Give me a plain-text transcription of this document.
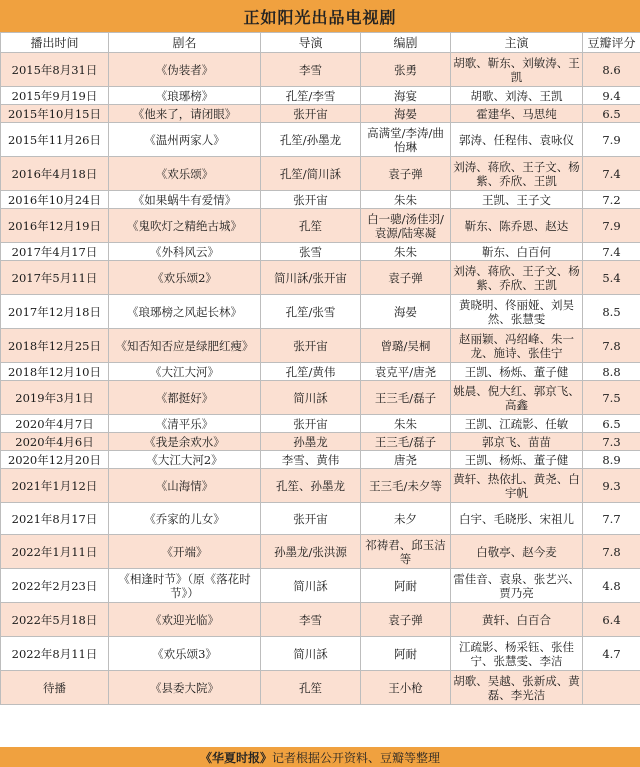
正如阳光出品电视剧
播出时间	剧名	导演	编剧	主演	豆瓣评分
2015年8月31日	《伪装者》	李雪	张勇	胡歌、靳东、刘敏涛、王凯	8.6
2015年9月19日	《琅琊榜》	孔笙/李雪	海宴	胡歌、刘涛、王凯	9.4
2015年10月15日	《他来了，请闭眼》	张开宙	海晏	霍建华、马思纯	6.5
2015年11月26日	《温州两家人》	孔笙/孙墨龙	高满堂/李涛/曲怡琳	郭涛、任程伟、袁咏仪	7.9
2016年4月18日	《欢乐颂》	孔笙/简川訸	袁子弹	刘涛、蒋欣、王子文、杨紫、乔欣、王凯	7.4
2016年10月24日	《如果蜗牛有爱情》	张开宙	朱朱	王凯、王子文	7.2
2016年12月19日	《鬼吹灯之精绝古城》	孔笙	白一骢/汤佳羽/袁源/陆寒凝	靳东、陈乔恩、赵达	7.9
2017年4月17日	《外科风云》	张雪	朱朱	靳东、白百何	7.4
2017年5月11日	《欢乐颂2》	简川訸/张开宙	袁子弹	刘涛、蒋欣、王子文、杨紫、乔欣、王凯	5.4
2017年12月18日	《琅琊榜之风起长林》	孔笙/张雪	海晏	黄晓明、佟丽娅、刘昊然、张慧雯	8.5
2018年12月25日	《知否知否应是绿肥红瘦》	张开宙	曾璐/吴桐	赵丽颖、冯绍峰、朱一龙、施诗、张佳宁	7.8
2018年12月10日	《大江大河》	孔笙/黄伟	袁克平/唐尧	王凯、杨烁、董子健	8.8
2019年3月1日	《都挺好》	简川訸	王三毛/磊子	姚晨、倪大红、郭京飞、高鑫	7.5
2020年4月7日	《清平乐》	张开宙	朱朱	王凯、江疏影、任敏	6.5
2020年4月6日	《我是余欢水》	孙墨龙	王三毛/磊子	郭京飞、苗苗	7.3
2020年12月20日	《大江大河2》	李雪、黄伟	唐尧	王凯、杨烁、董子健	8.9
2021年1月12日	《山海情》	孔笙、孙墨龙	王三毛/未夕等	黄轩、热依扎、黄尧、白宇帆	9.3
2021年8月17日	《乔家的儿女》	张开宙	未夕	白宇、毛晓彤、宋祖儿	7.7
2022年1月11日	《开端》	孙墨龙/张洪源	祁祷君、邱玉洁等	白敬亭、赵今麦	7.8
2022年2月23日	《相逢时节》（原《落花时节》）	简川訸	阿耐	雷佳音、袁泉、张艺兴、贾乃亮	4.8
2022年5月18日	《欢迎光临》	李雪	袁子弹	黄轩、白百合	6.4
2022年8月11日	《欢乐颂3》	简川訸	阿耐	江疏影、杨采钰、张佳宁、张慧雯、李洁	4.7
待播	《县委大院》	孔笙	王小枪	胡歌、吴越、张新成、黄磊、李光洁	
《华夏时报》 记者根据公开资料、豆瓣等整理
